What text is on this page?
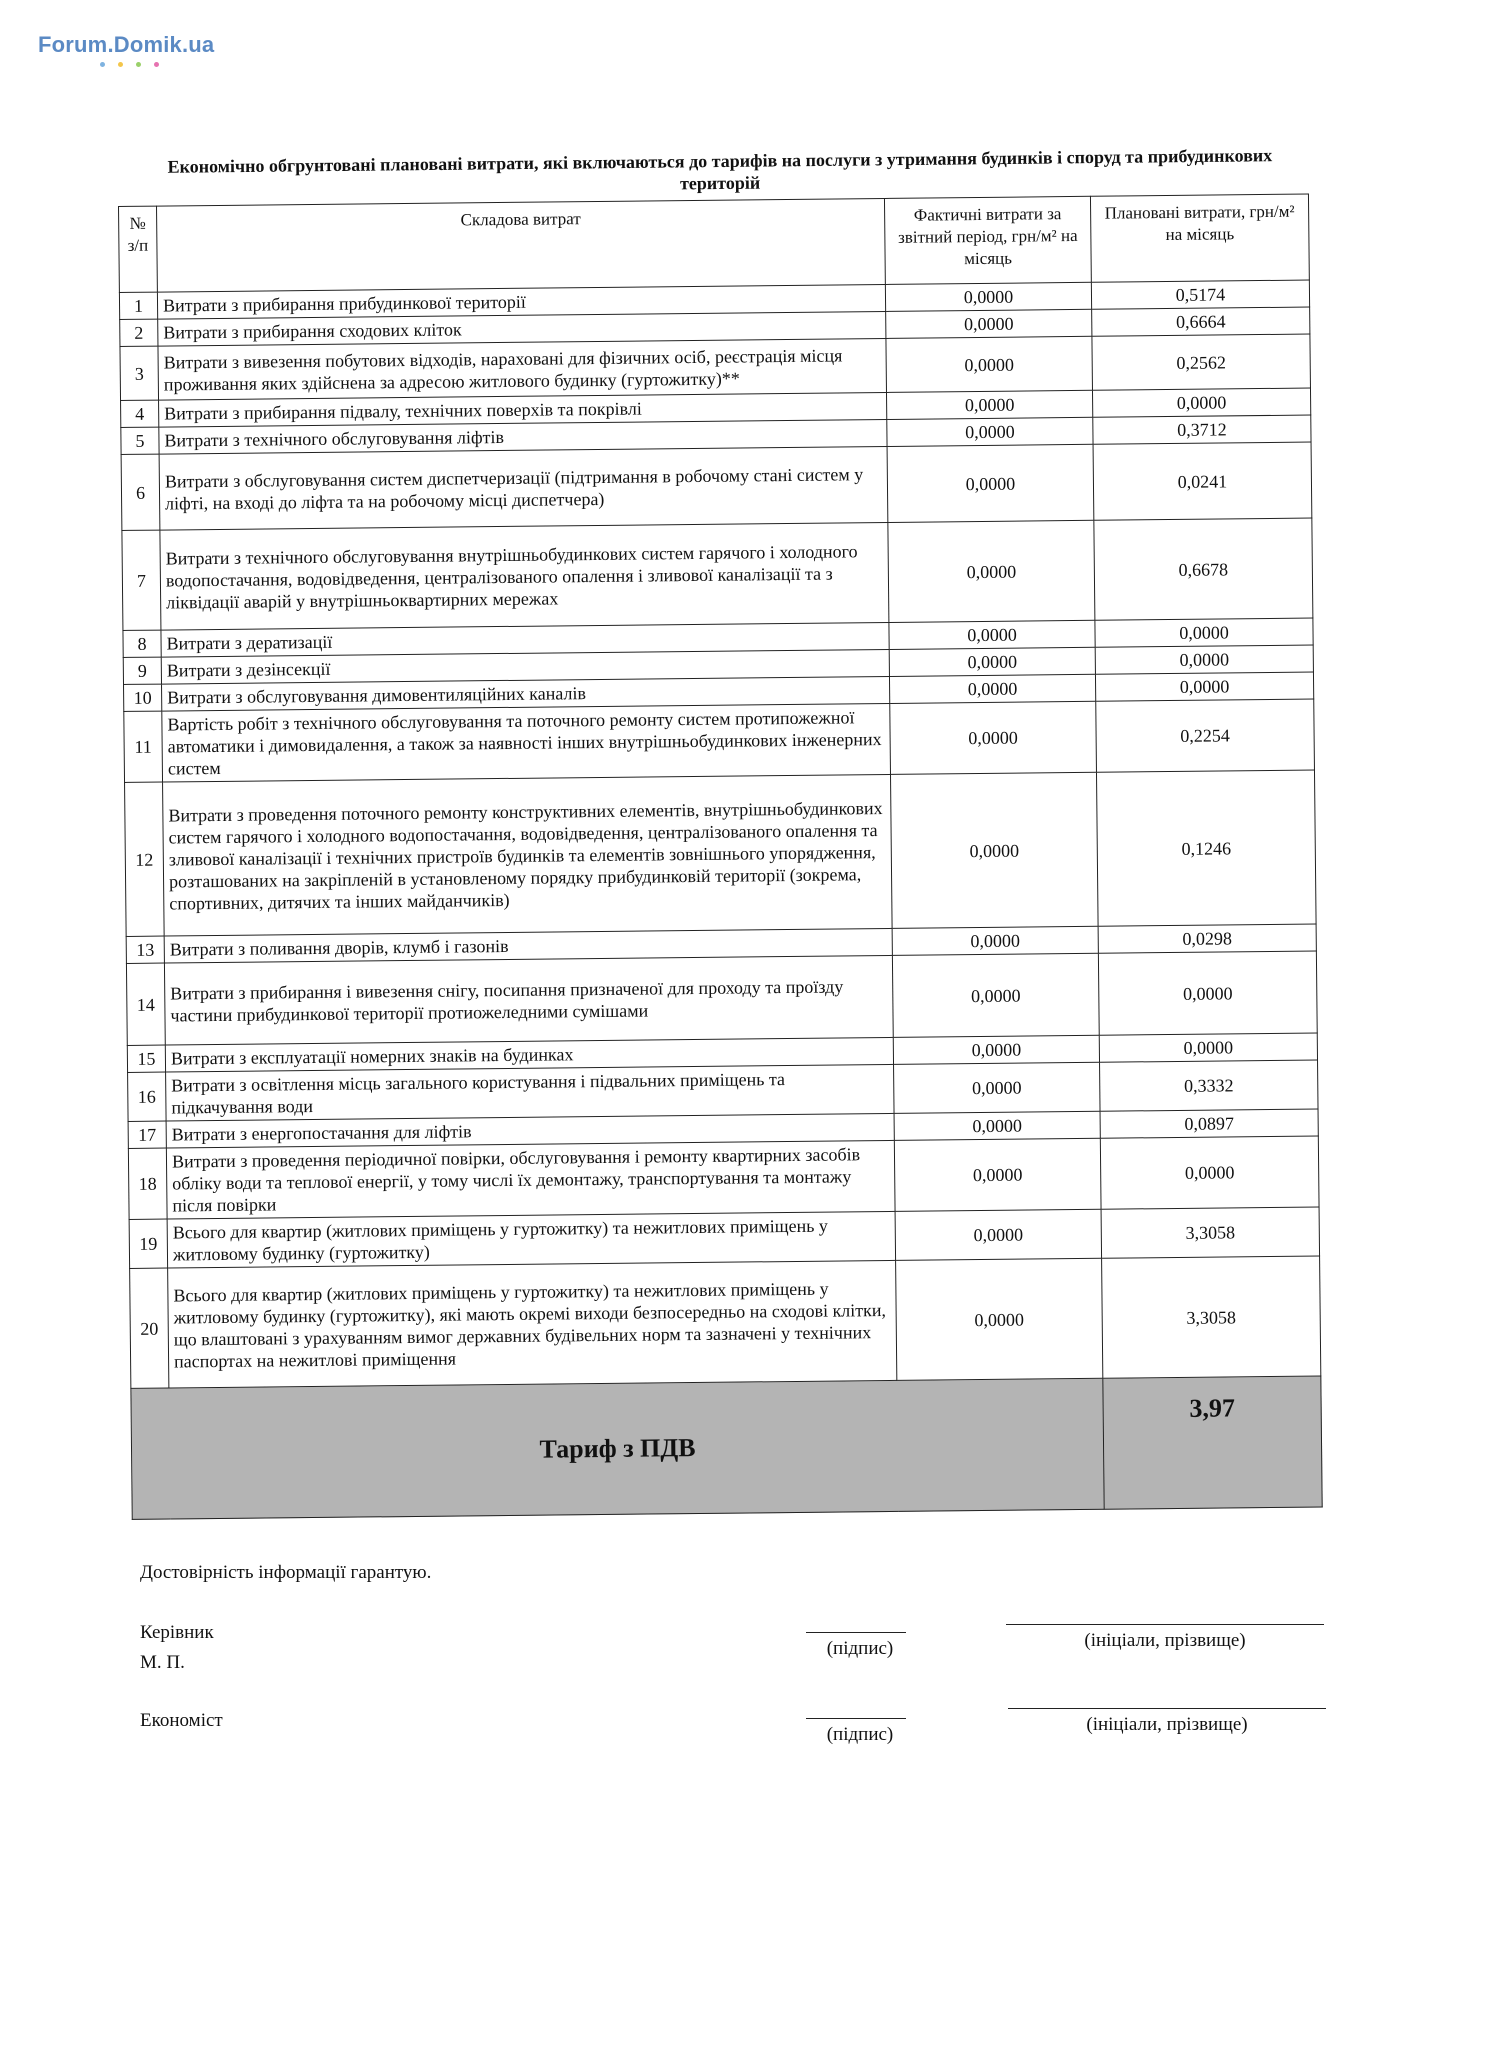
Forum.Domik.ua
Економічно обгрунтовані плановані витрати, які включаються до тарифів на послуги з утримання будинків і споруд та прибудинкових територій
№ з/п	Складова витрат	Фактичні витрати за звітний період, грн/м² на місяць	Плановані витрати, грн/м² на місяць
1	Витрати з прибирання прибудинкової території	0,0000	0,5174
2	Витрати з прибирання сходових кліток	0,0000	0,6664
3	Витрати з вивезення побутових відходів, нараховані для фізичних осіб, реєстрація місця проживання яких здійснена за адресою житлового будинку (гуртожитку)**	0,0000	0,2562
4	Витрати з прибирання підвалу, технічних поверхів та покрівлі	0,0000	0,0000
5	Витрати з технічного обслуговування ліфтів	0,0000	0,3712
6	Витрати з обслуговування систем диспетчеризації (підтримання в робочому стані систем у ліфті, на вході до ліфта та на робочому місці диспетчера)	0,0000	0,0241
7	Витрати з технічного обслуговування внутрішньобудинкових систем гарячого і холодного водопостачання, водовідведення, централізованого опалення і зливової каналізації та з ліквідації аварій у внутрішньоквартирних мережах	0,0000	0,6678
8	Витрати з дератизації	0,0000	0,0000
9	Витрати з дезінсекції	0,0000	0,0000
10	Витрати з обслуговування димовентиляційних каналів	0,0000	0,0000
11	Вартість робіт з технічного обслуговування та поточного ремонту систем протипожежної автоматики і димовидалення, а також за наявності інших внутрішньобудинкових інженерних систем	0,0000	0,2254
12	Витрати з проведення поточного ремонту конструктивних елементів, внутрішньобудинкових систем гарячого і холодного водопостачання, водовідведення, централізованого опалення та зливової каналізації і технічних пристроїв будинків та елементів зовнішнього упорядження, розташованих на закріпленій в установленому порядку прибудинковій території (зокрема, спортивних, дитячих та інших майданчиків)	0,0000	0,1246
13	Витрати з поливання дворів, клумб і газонів	0,0000	0,0298
14	Витрати з прибирання і вивезення снігу, посипання призначеної для проходу та проїзду частини прибудинкової території протиожеледними сумішами	0,0000	0,0000
15	Витрати з експлуатації номерних знаків на будинках	0,0000	0,0000
16	Витрати з освітлення місць загального користування і підвальних приміщень та підкачування води	0,0000	0,3332
17	Витрати з енергопостачання для ліфтів	0,0000	0,0897
18	Витрати з проведення періодичної повірки, обслуговування і ремонту квартирних засобів обліку води та теплової енергії, у тому числі їх демонтажу, транспортування та монтажу після повірки	0,0000	0,0000
19	Всього для квартир (житлових приміщень у гуртожитку) та нежитлових приміщень у житловому будинку (гуртожитку)	0,0000	3,3058
20	Всього для квартир (житлових приміщень у гуртожитку) та нежитлових приміщень у житловому будинку (гуртожитку), які мають окремі виходи безпосередньо на сходові клітки, що влаштовані з урахуванням вимог державних будівельних норм та зазначені у технічних паспортах на нежитлові приміщення	0,0000	3,3058
Тариф з ПДВ			3,97
Достовірність інформації гарантую.
Керівник
М. П.
(підпис)	(ініціали, прізвище)
Економіст
(підпис)	(ініціали, прізвище)
